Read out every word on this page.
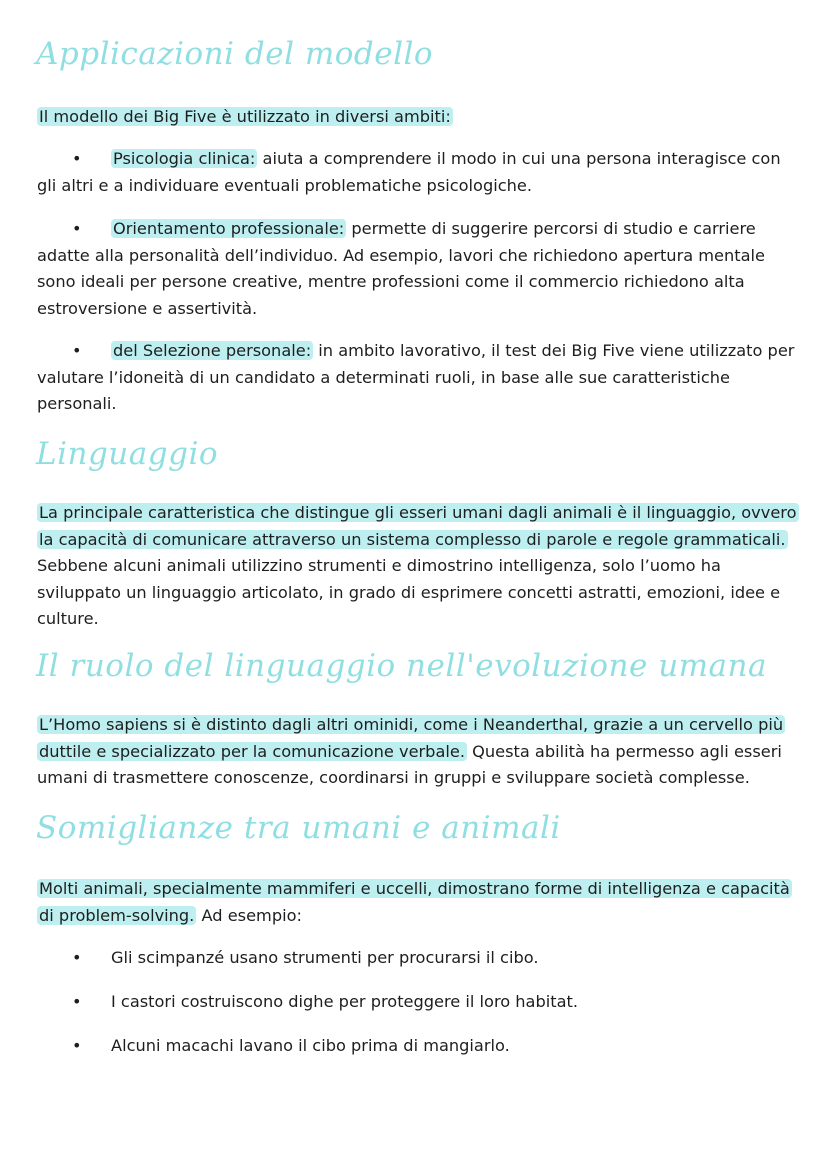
Applicazioni del modello

Il modello dei Big Five è utilizzato in diversi ambiti:

•	Psicologia clinica: aiuta a comprendere il modo in cui una persona interagisce con gli altri e a individuare eventuali problematiche psicologiche.

•	Orientamento professionale: permette di suggerire percorsi di studio e carriere adatte alla personalità dell’individuo. Ad esempio, lavori che richiedono apertura mentale sono ideali per persone creative, mentre professioni come il commercio richiedono alta estroversione e assertività.

•	del Selezione personale: in ambito lavorativo, il test dei Big Five viene utilizzato per valutare l’idoneità di un candidato a determinati ruoli, in base alle sue caratteristiche personali.

Linguaggio

La principale caratteristica che distingue gli esseri umani dagli animali è il linguaggio, ovvero la capacità di comunicare attraverso un sistema complesso di parole e regole grammaticali. Sebbene alcuni animali utilizzino strumenti e dimostrino intelligenza, solo l’uomo ha sviluppato un linguaggio articolato, in grado di esprimere concetti astratti, emozioni, idee e culture.

Il ruolo del linguaggio nell'evoluzione umana

L’Homo sapiens si è distinto dagli altri ominidi, come i Neanderthal, grazie a un cervello più duttile e specializzato per la comunicazione verbale. Questa abilità ha permesso agli esseri umani di trasmettere conoscenze, coordinarsi in gruppi e sviluppare società complesse.

Somiglianze tra umani e animali

Molti animali, specialmente mammiferi e uccelli, dimostrano forme di intelligenza e capacità di problem-solving. Ad esempio:

•	Gli scimpanzé usano strumenti per procurarsi il cibo.

•	I castori costruiscono dighe per proteggere il loro habitat.

•	Alcuni macachi lavano il cibo prima di mangiarlo.
